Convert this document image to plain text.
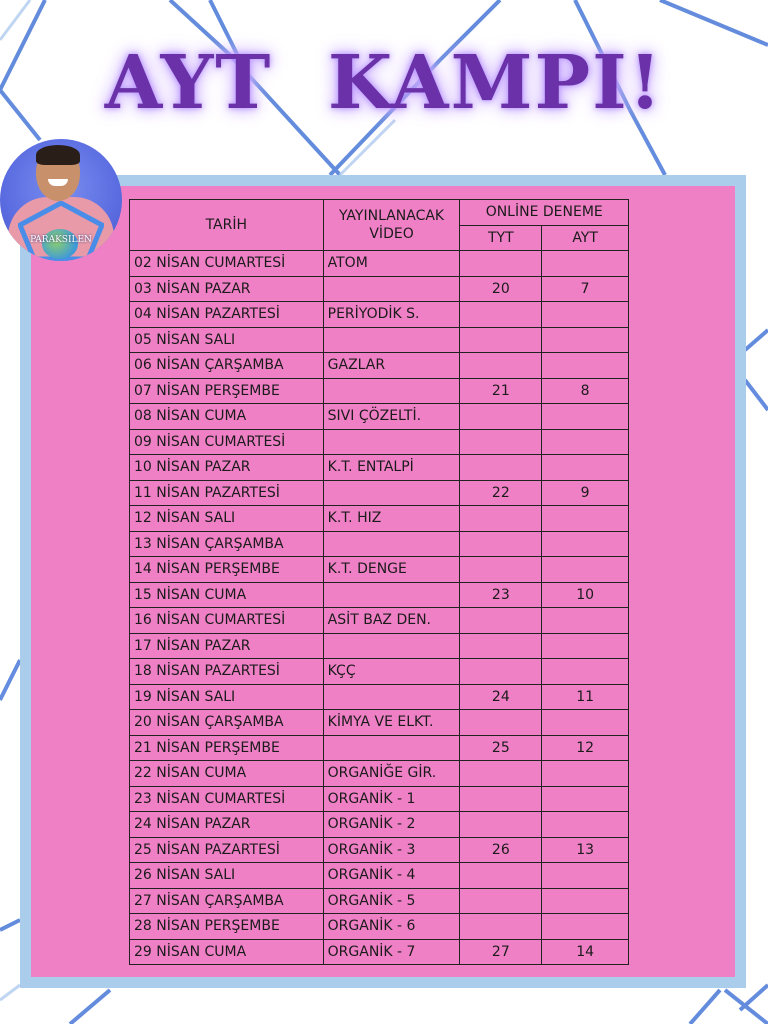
AYT  KAMPI!
PARAKSILEN
TARİH	YAYINLANACAK VİDEO	ONLİNE DENEME	
		TYT	AYT
02 NİSAN CUMARTESİ	ATOM		
03 NİSAN PAZAR		20	7
04 NİSAN PAZARTESİ	PERİYODİK S.		
05 NİSAN SALI			
06 NİSAN ÇARŞAMBA	GAZLAR		
07 NİSAN PERŞEMBE		21	8
08 NİSAN CUMA	SIVI ÇÖZELTİ.		
09 NİSAN CUMARTESİ			
10 NİSAN PAZAR	K.T. ENTALPİ		
11 NİSAN PAZARTESİ		22	9
12 NİSAN SALI	K.T. HIZ		
13 NİSAN ÇARŞAMBA			
14 NİSAN PERŞEMBE	K.T. DENGE		
15 NİSAN CUMA		23	10
16 NİSAN CUMARTESİ	ASİT BAZ DEN.		
17 NİSAN PAZAR			
18 NİSAN PAZARTESİ	KÇÇ		
19 NİSAN SALI		24	11
20 NİSAN ÇARŞAMBA	KİMYA VE ELKT.		
21 NİSAN PERŞEMBE		25	12
22 NİSAN CUMA	ORGANİĞE GİR.		
23 NİSAN CUMARTESİ	ORGANİK - 1		
24 NİSAN PAZAR	ORGANİK - 2		
25 NİSAN PAZARTESİ	ORGANİK - 3	26	13
26 NİSAN SALI	ORGANİK - 4		
27 NİSAN ÇARŞAMBA	ORGANİK - 5		
28 NİSAN PERŞEMBE	ORGANİK - 6		
29 NİSAN CUMA	ORGANİK - 7	27	14
